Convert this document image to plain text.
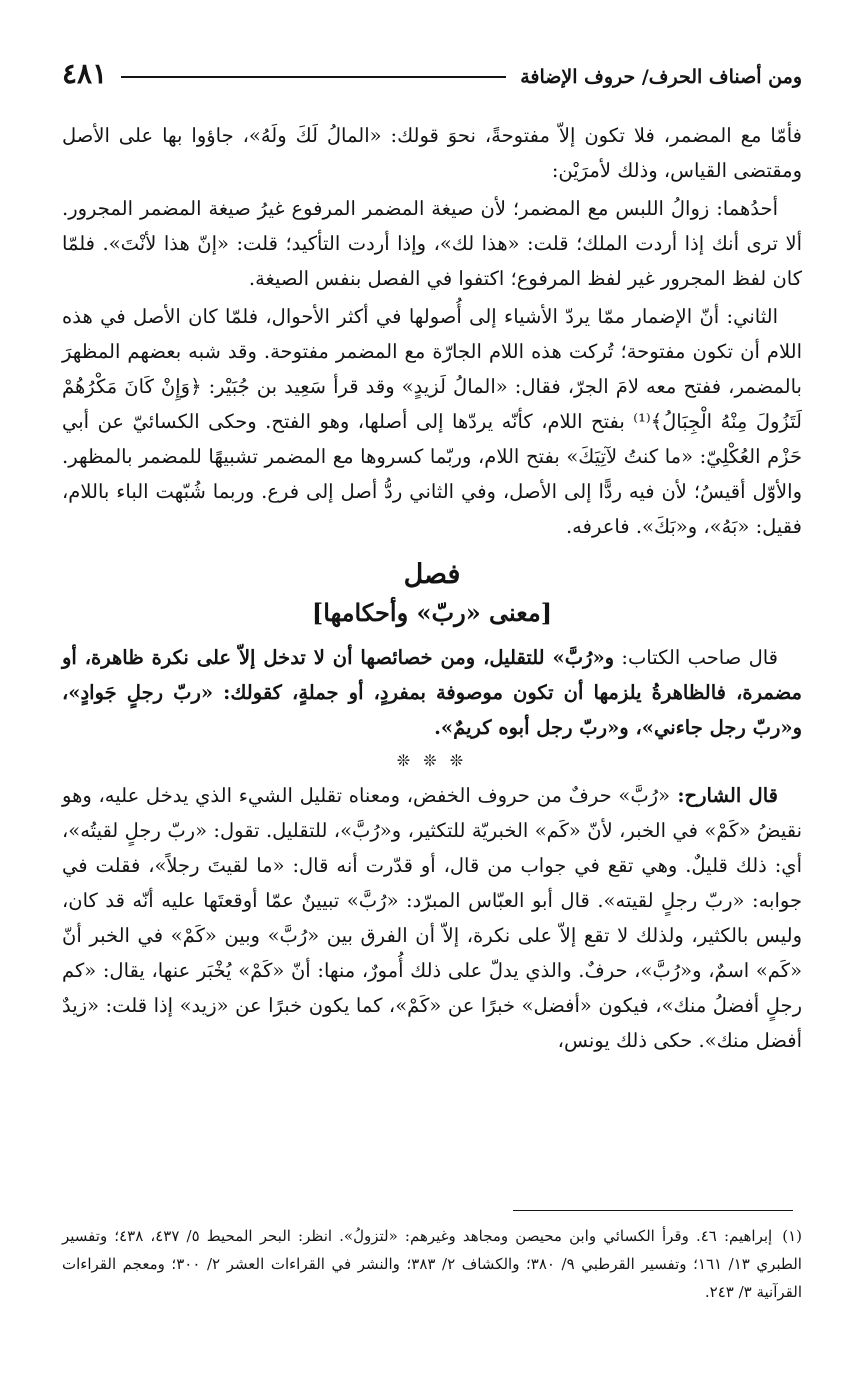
ومن أصناف الحرف/ حروف الإضافة
٤٨١

فأمّا مع المضمر، فلا تكون إلاّ مفتوحةً، نحوَ قولك: «المالُ لَكَ ولَهُ»، جاؤوا بها على الأصل ومقتضى القياس، وذلك لأمرَيْن:

أحدُهما: زوالُ اللبس مع المضمر؛ لأن صيغة المضمر المرفوع غيرُ صيغة المضمر المجرور. ألا ترى أنك إذا أردت الملك؛ قلت: «هذا لك»، وإذا أردت التأكيد؛ قلت: «إنّ هذا لأنْتَ». فلمّا كان لفظ المجرور غير لفظ المرفوع؛ اكتفوا في الفصل بنفس الصيغة.

الثاني: أنّ الإضمار ممّا يردّ الأشياء إلى أُصولها في أكثر الأحوال، فلمّا كان الأصل في هذه اللام أن تكون مفتوحة؛ تُركت هذه اللام الجارّة مع المضمر مفتوحة. وقد شبه بعضهم المظهرَ بالمضمر، ففتح معه لامَ الجرّ، فقال: «المالُ لَزيدٍ» وقد قرأ سَعِيد بن جُبَيْر: ﴿وَإِنْ كَانَ مَكْرُهُمْ لَتَزُولَ مِنْهُ الْجِبَالُ﴾⁽¹⁾ بفتح اللام، كأنّه يردّها إلى أصلها، وهو الفتح. وحكى الكسائيّ عن أبي حَزْم العُكْلِيّ: «ما كنتُ لآتِيَكَ» بفتح اللام، وربّما كسروها مع المضمر تشبيهًا للمضمر بالمظهر. والأوّل أقيسُ؛ لأن فيه ردًّا إلى الأصل، وفي الثاني ردُّ أصل إلى فرع. وربما شُبّهت الباء باللام، فقيل: «بَهُ»، و«بَكَ». فاعرفه.

فصل
[معنى «ربّ» وأحكامها]

قال صاحب الكتاب: و«رُبَّ» للتقليل، ومن خصائصها أن لا تدخل إلاّ على نكرة ظاهرة، أو مضمرة، فالظاهرةُ يلزمها أن تكون موصوفة بمفردٍ، أو جملةٍ، كقولك: «ربّ رجلٍ جَوادٍ»، و«ربّ رجل جاءني»، و«ربّ رجل أبوه كريمٌ».

❊ ❊ ❊

قال الشارح: «رُبَّ» حرفٌ من حروف الخفض، ومعناه تقليل الشيء الذي يدخل عليه، وهو نقيضُ «كَمْ» في الخبر، لأنّ «كَم» الخبريّة للتكثير، و«رُبَّ»، للتقليل. تقول: «ربّ رجلٍ لقيتُه»، أي: ذلك قليلٌ. وهي تقع في جواب من قال، أو قدّرت أنه قال: «ما لقيتَ رجلاً»، فقلت في جوابه: «ربّ رجلٍ لقيته». قال أبو العبّاس المبرّد: «رُبَّ» تبيينٌ عمّا أوقعتَها عليه أنّه قد كان، وليس بالكثير، ولذلك لا تقع إلاّ على نكرة، إلاّ أن الفرق بين «رُبَّ» وبين «كَمْ» في الخبر أنّ «كَم» اسمٌ، و«رُبَّ»، حرفٌ. والذي يدلّ على ذلك أُمورٌ، منها: أنّ «كَمْ» يُخْبَر عنها، يقال: «كم رجلٍ أفضلُ منك»، فيكون «أفضل» خبرًا عن «كَمْ»، كما يكون خبرًا عن «زيد» إذا قلت: «زيدٌ أفضل منك». حكى ذلك يونس،

(١)إبراهيم: ٤٦. وقرأ الكسائي وابن محيصن ومجاهد وغيرهم: «لتزولُ». انظر: البحر المحيط ٥/ ٤٣٧، ٤٣٨؛ وتفسير الطبري ١٣/ ١٦١؛ وتفسير القرطبي ٩/ ٣٨٠؛ والكشاف ٢/ ٣٨٣؛ والنشر في القراءات العشر ٢/ ٣٠٠؛ ومعجم القراءات القرآنية ٣/ ٢٤٣.
